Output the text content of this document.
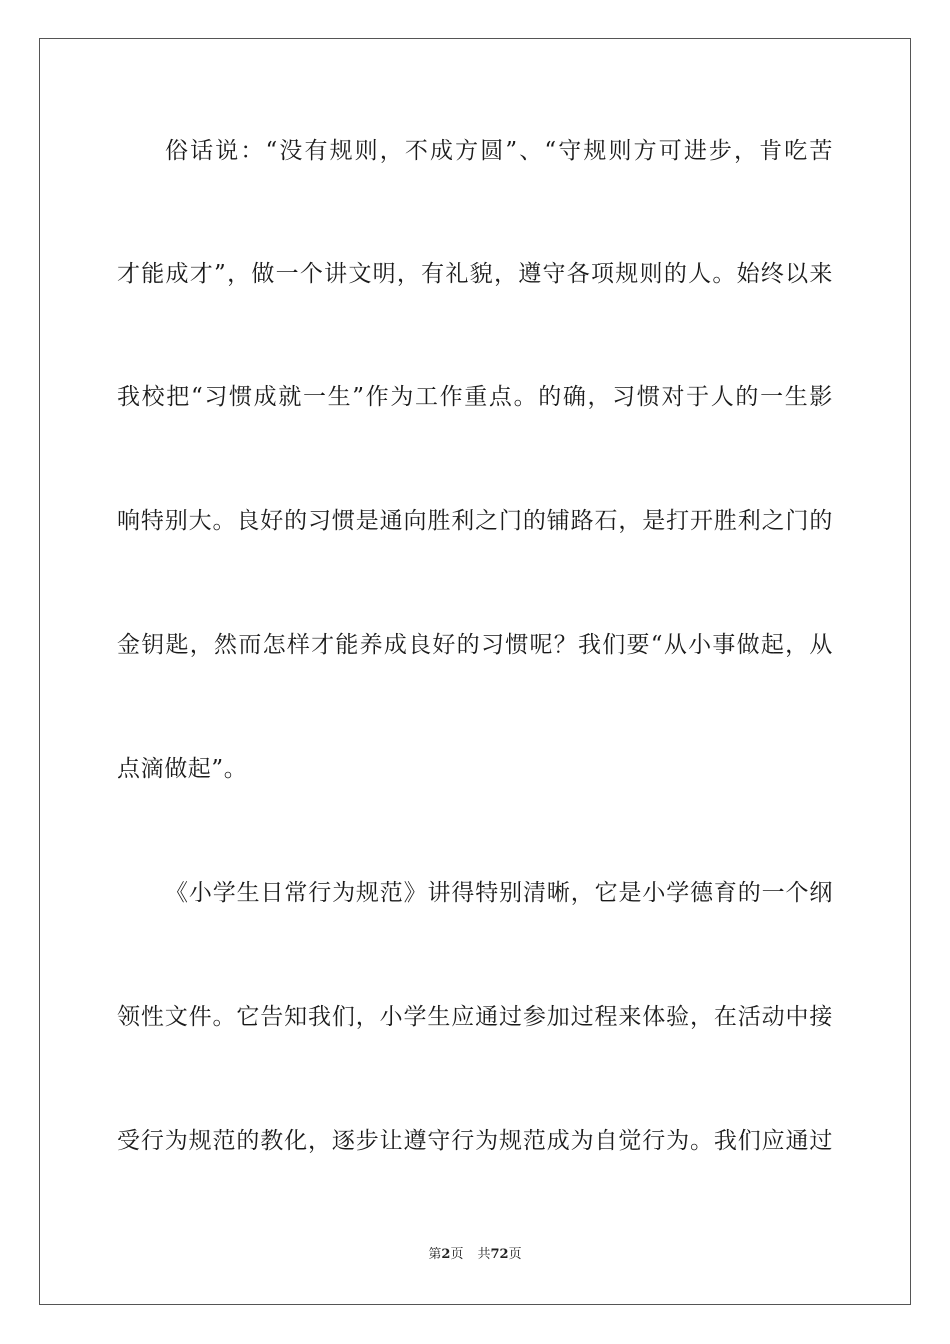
俗话说：“没有规则，不成方圆”、“守规则方可进步，肯吃苦
才能成才”，做一个讲文明，有礼貌，遵守各项规则的人。始终以来
我校把“习惯成就一生”作为工作重点。的确，习惯对于人的一生影
响特别大。良好的习惯是通向胜利之门的铺路石，是打开胜利之门的
金钥匙，然而怎样才能养成良好的习惯呢？我们要“从小事做起，从
点滴做起”。
《小学生日常行为规范》讲得特别清晰，它是小学德育的一个纲
领性文件。它告知我们，小学生应通过参加过程来体验，在活动中接
受行为规范的教化，逐步让遵守行为规范成为自觉行为。我们应通过
第2页 共72页
